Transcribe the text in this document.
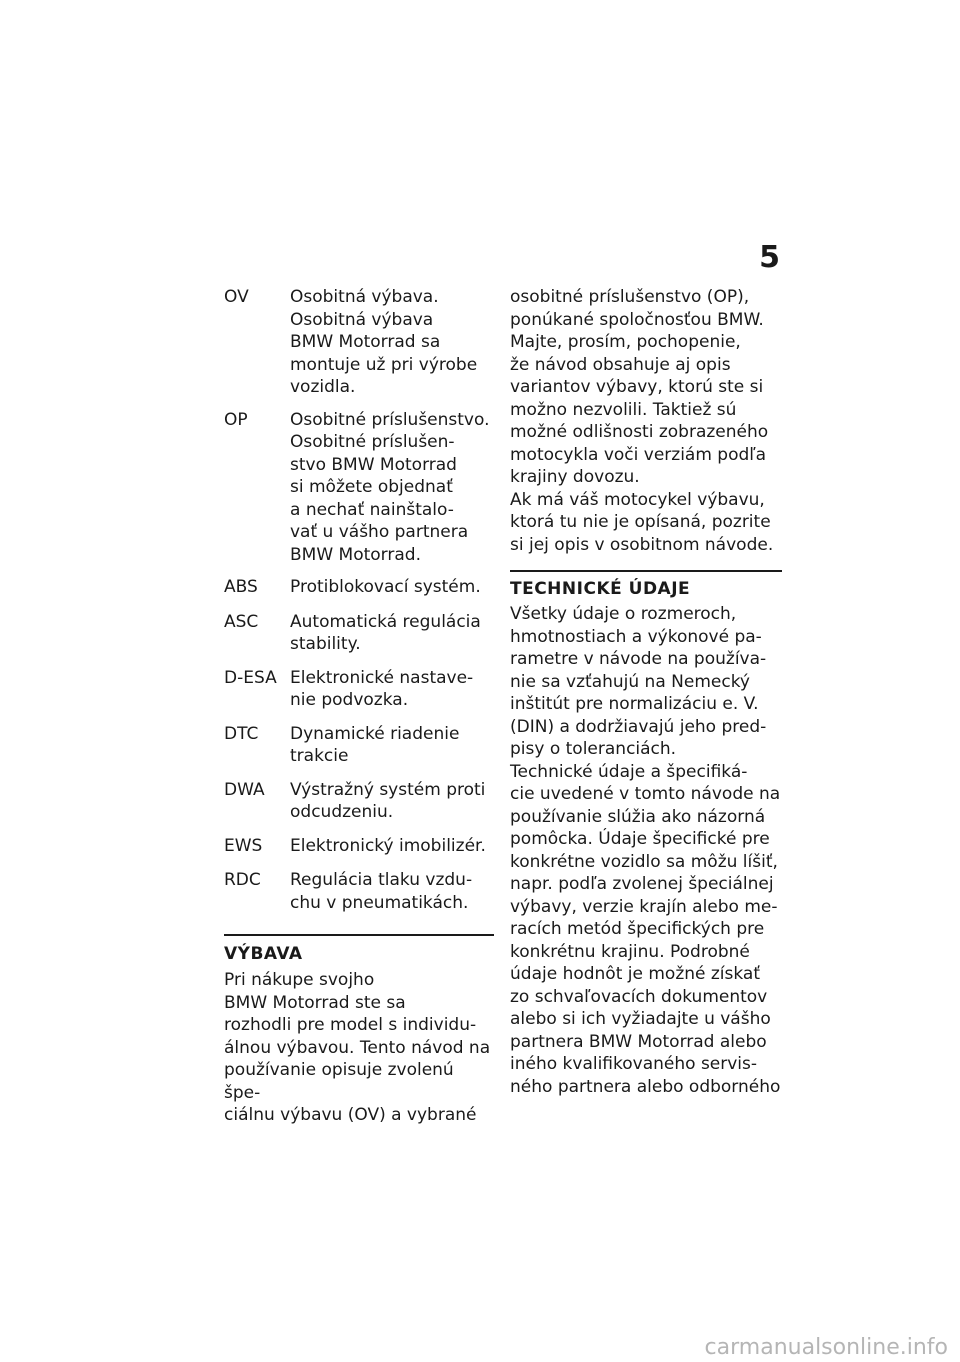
5
OV	Osobitná výbava.
Osobitná výbava
BMW Motorrad sa
montuje už pri výrobe
vozidla.
OP	Osobitné príslušenstvo.
Osobitné príslušen-
stvo BMW Motorrad
si môžete objednať
a nechať nainštalo-
vať u vášho partnera
BMW Motorrad.
ABS	Protiblokovací systém.
ASC	Automatická regulácia
stability.
D-ESA Elektronické nastave-
nie podvozka.
DTC	Dynamické riadenie
trakcie
DWA	Výstražný systém proti
odcudzeniu.
EWS	Elektronický imobilizér.
RDC	Regulácia tlaku vzdu-
chu v pneumatikách.
VÝBAVA
Pri nákupe svojho
BMW Motorrad ste sa
rozhodli pre model s individu-
álnou výbavou. Tento návod na
používanie opisuje zvolenú špe-
ciálnu výbavu (OV) a vybrané
osobitné príslušenstvo (OP),
ponúkané spoločnosťou BMW.
Majte, prosím, pochopenie,
že návod obsahuje aj opis
variantov výbavy, ktorú ste si
možno nezvolili. Taktiež sú
možné odlišnosti zobrazeného
motocykla voči verziám podľa
krajiny dovozu.
Ak má váš motocykel výbavu,
ktorá tu nie je opísaná, pozrite
si jej opis v osobitnom návode.
TECHNICKÉ ÚDAJE
Všetky údaje o rozmeroch,
hmotnostiach a výkonové pa-
rametre v návode na používa-
nie sa vzťahujú na Nemecký
inštitút pre normalizáciu e. V.
(DIN) a dodržiavajú jeho pred-
pisy o toleranciách.
Technické údaje a špecifiká-
cie uvedené v tomto návode na
používanie slúžia ako názorná
pomôcka. Údaje špecifické pre
konkrétne vozidlo sa môžu líšiť,
napr. podľa zvolenej špeciálnej
výbavy, verzie krajín alebo me-
racích metód špecifických pre
konkrétnu krajinu. Podrobné
údaje hodnôt je možné získať
zo schvaľovacích dokumentov
alebo si ich vyžiadajte u vášho
partnera BMW Motorrad alebo
iného kvalifikovaného servis-
ného partnera alebo odborného
carmanualsonline.info
